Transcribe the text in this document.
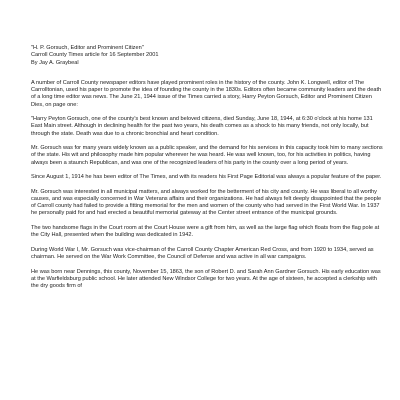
"H. P. Gorsuch, Editor and Prominent Citizen"

Carroll County Times article for 16 September 2001

By Jay A. Graybeal

A number of Carroll County newspaper editors have played prominent roles in the history of the county. John K. Longwell, editor of The Carrolltonian, used his paper to promote the idea of founding the county in the 1830s. Editors often became community leaders and the death of a long time editor was news. The June 21, 1944 issue of the Times carried a story, Harry Peyton Gorsuch, Editor and Prominent Citizen Dies, on page one:

"Harry Peyton Gorsuch, one of the county's best known and beloved citizens, died Sunday, June 18, 1944, at 6:30 o'clock at his home 131 East Main street. Although in declining health for the past two years, his death comes as a shock to his many friends, not only locally, but through the state. Death was due to a chronic bronchial and heart condition.

Mr. Gorsuch was for many years widely known as a public speaker, and the demand for his services in this capacity took him to many sections of the state. His wit and philosophy made him popular wherever he was heard. He was well known, too, for his activities in politics, having always been a staunch Republican, and was one of the recognized leaders of his party in the county over a long period of years.

Since August 1, 1914 he has been editor of The Times, and with its readers his First Page Editorial was always a popular feature of the paper.

Mr. Gorsuch was interested in all municipal matters, and always worked for the betterment of his city and county. He was liberal to all worthy causes, and was especially concerned in War Veterans affairs and their organizations. He had always felt deeply disappointed that the people of Carroll county had failed to provide a fitting memorial for the men and women of the county who had served in the First World War. In 1937 he personally paid for and had erected a beautiful memorial gateway at the Center street entrance of the municipal grounds.

The two handsome flags in the Court room at the Court House were a gift from him, as well as the large flag which floats from the flag pole at the City Hall, presented when the building was dedicated in 1942.

During World War I, Mr. Gorsuch was vice-chairman of the Carroll County Chapter American Red Cross, and from 1920 to 1934, served as chairman. He served on the War Work Committee, the Council of Defense and was active in all war campaigns.

He was born near Dennings, this county, November 15, 1863, the son of Robert D. and Sarah Ann Gardner Gorsuch. His early education was at the Warfieldsburg public school. He later attended New Windsor College for two years. At the age of sixteen, he accepted a clerkship with the dry goods firm of
